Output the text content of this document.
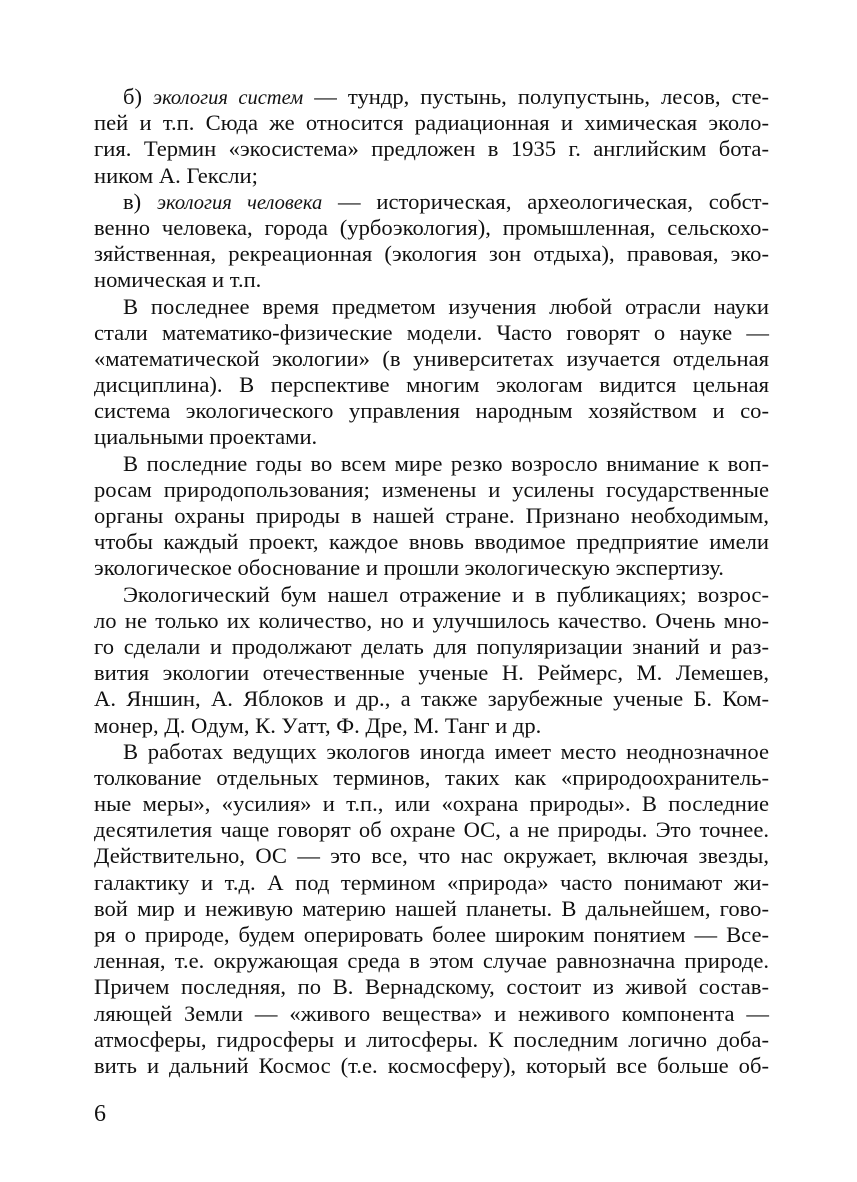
б) экология систем — тундр, пустынь, полупустынь, лесов, сте-
пей и т.п. Сюда же относится радиационная и химическая эколо-
гия. Термин «экосистема» предложен в 1935 г. английским бота-
ником А. Гексли;
в) экология человека — историческая, археологическая, собст-
венно человека, города (урбоэкология), промышленная, сельскохо-
зяйственная, рекреационная (экология зон отдыха), правовая, эко-
номическая и т.п.
В последнее время предметом изучения любой отрасли науки
стали математико-физические модели. Часто говорят о науке —
«математической экологии» (в университетах изучается отдельная
дисциплина). В перспективе многим экологам видится цельная
система экологического управления народным хозяйством и со-
циальными проектами.
В последние годы во всем мире резко возросло внимание к воп-
росам природопользования; изменены и усилены государственные
органы охраны природы в нашей стране. Признано необходимым,
чтобы каждый проект, каждое вновь вводимое предприятие имели
экологическое обоснование и прошли экологическую экспертизу.
Экологический бум нашел отражение и в публикациях; возрос-
ло не только их количество, но и улучшилось качество. Очень мно-
го сделали и продолжают делать для популяризации знаний и раз-
вития экологии отечественные ученые Н. Реймерс, М. Лемешев,
А. Яншин, А. Яблоков и др., а также зарубежные ученые Б. Ком-
монер, Д. Одум, К. Уатт, Ф. Дре, М. Танг и др.
В работах ведущих экологов иногда имеет место неоднозначное
толкование отдельных терминов, таких как «природоохранитель-
ные меры», «усилия» и т.п., или «охрана природы». В последние
десятилетия чаще говорят об охране ОС, а не природы. Это точнее.
Действительно, ОС — это все, что нас окружает, включая звезды,
галактику и т.д. А под термином «природа» часто понимают жи-
вой мир и неживую материю нашей планеты. В дальнейшем, гово-
ря о природе, будем оперировать более широким понятием — Все-
ленная, т.е. окружающая среда в этом случае равнозначна природе.
Причем последняя, по В. Вернадскому, состоит из живой состав-
ляющей Земли — «живого вещества» и неживого компонента —
атмосферы, гидросферы и литосферы. К последним логично доба-
вить и дальний Космос (т.е. космосферу), который все больше об-
6
